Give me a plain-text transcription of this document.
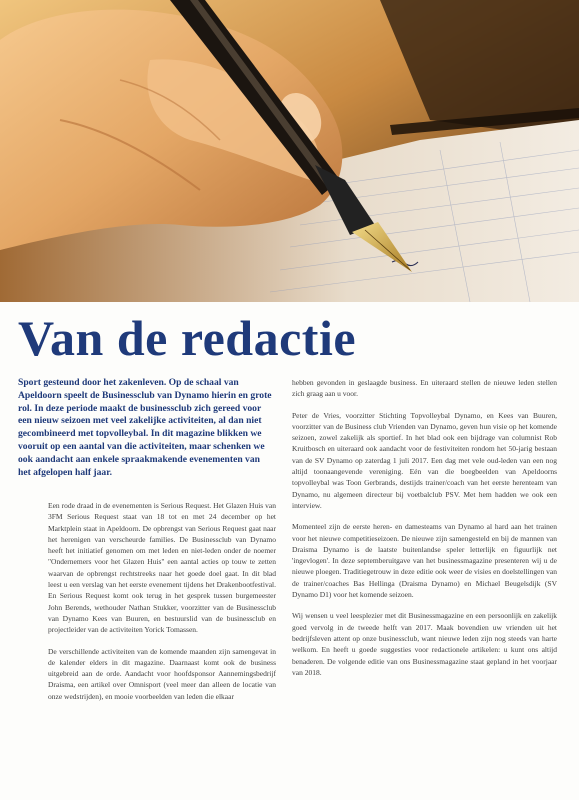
Van de redactie
Sport gesteund door het zakenleven. Op de schaal van Apeldoorn speelt de Businessclub van Dynamo hierin en grote rol. In deze periode maakt de businessclub zich gereed voor een nieuw seizoen met veel zakelijke activiteiten, al dan niet gecombineerd met topvolleybal. In dit magazine blikken we vooruit op een aantal van die activiteiten, maar schenken we ook aandacht aan enkele spraakmakende evenementen van het afgelopen half jaar.

Een rode draad in de evenementen is Serious Request. Het Glazen Huis van 3FM Serious Request staat van 18 tot en met 24 december op het Marktplein staat in Apeldoorn. De opbrengst van Serious Request gaat naar het herenigen van verscheurde families. De Businessclub van Dynamo heeft het initiatief genomen om met leden en niet-leden onder de noemer "Ondernemers voor het Glazen Huis" een aantal acties op touw te zetten waarvan de opbrengst rechtstreeks naar het goede doel gaat. In dit blad leest u een verslag van het eerste evenement tijdens het Drakenbootfestival. En Serious Request komt ook terug in het gesprek tussen burgemeester John Berends, wethouder Nathan Stukker, voorzitter van de Businessclub van Dynamo Kees van Buuren, en bestuurslid van de businessclub en projectleider van de activiteiten Yorick Tomassen.

De verschillende activiteiten van de komende maanden zijn samengevat in de kalender elders in dit magazine. Daarnaast komt ook de business uitgebreid aan de orde. Aandacht voor hoofdsponsor Aannemingsbedrijf Draisma, een artikel over Omnisport (veel meer dan alleen de locatie van onze wedstrijden), en mooie voorbeelden van leden die elkaar

hebben gevonden in geslaagde business. En uiteraard stellen de nieuwe leden stellen zich graag aan u voor.

Peter de Vries, voorzitter Stichting Topvolleybal Dynamo, en Kees van Buuren, voorzitter van de Business club Vrienden van Dynamo, geven hun visie op het komende seizoen, zowel zakelijk als sportief. In het blad ook een bijdrage van columnist Rob Kruitbosch en uiteraard ook aandacht voor de festiviteiten rondom het 50-jarig bestaan van de SV Dynamo op zaterdag 1 juli 2017. Een dag met vele oud-leden van een nog altijd toonaangevende vereniging. Eén van die boegbeelden van Apeldoorns topvolleybal was Toon Gerbrands, destijds trainer/coach van het eerste herenteam van Dynamo, nu algemeen directeur bij voetbalclub PSV. Met hem hadden we ook een interview.

Momenteel zijn de eerste heren- en damesteams van Dynamo al hard aan het trainen voor het nieuwe competitieseizoen. De nieuwe zijn samengesteld en bij de mannen van Draisma Dynamo is de laatste buitenlandse speler letterlijk en figuurlijk net 'ingevlogen'. In deze septemberuitgave van het businessmagazine presenteren wij u de nieuwe ploegen. Traditiegetrouw in deze editie ook weer de visies en doelstellingen van de trainer/coaches Bas Hellinga (Draisma Dynamo) en Michael Beugelsdijk (SV Dynamo D1) voor het komende seizoen.

Wij wensen u veel leesplezier met dit Businessmagazine en een persoonlijk en zakelijk goed vervolg in de tweede helft van 2017. Maak bovendien uw vrienden uit het bedrijfsleven attent op onze businessclub, want nieuwe leden zijn nog steeds van harte welkom. En heeft u goede suggesties voor redactionele artikelen: u kunt ons altijd benaderen. De volgende editie van ons Businessmagazine staat gepland in het voorjaar van 2018.
